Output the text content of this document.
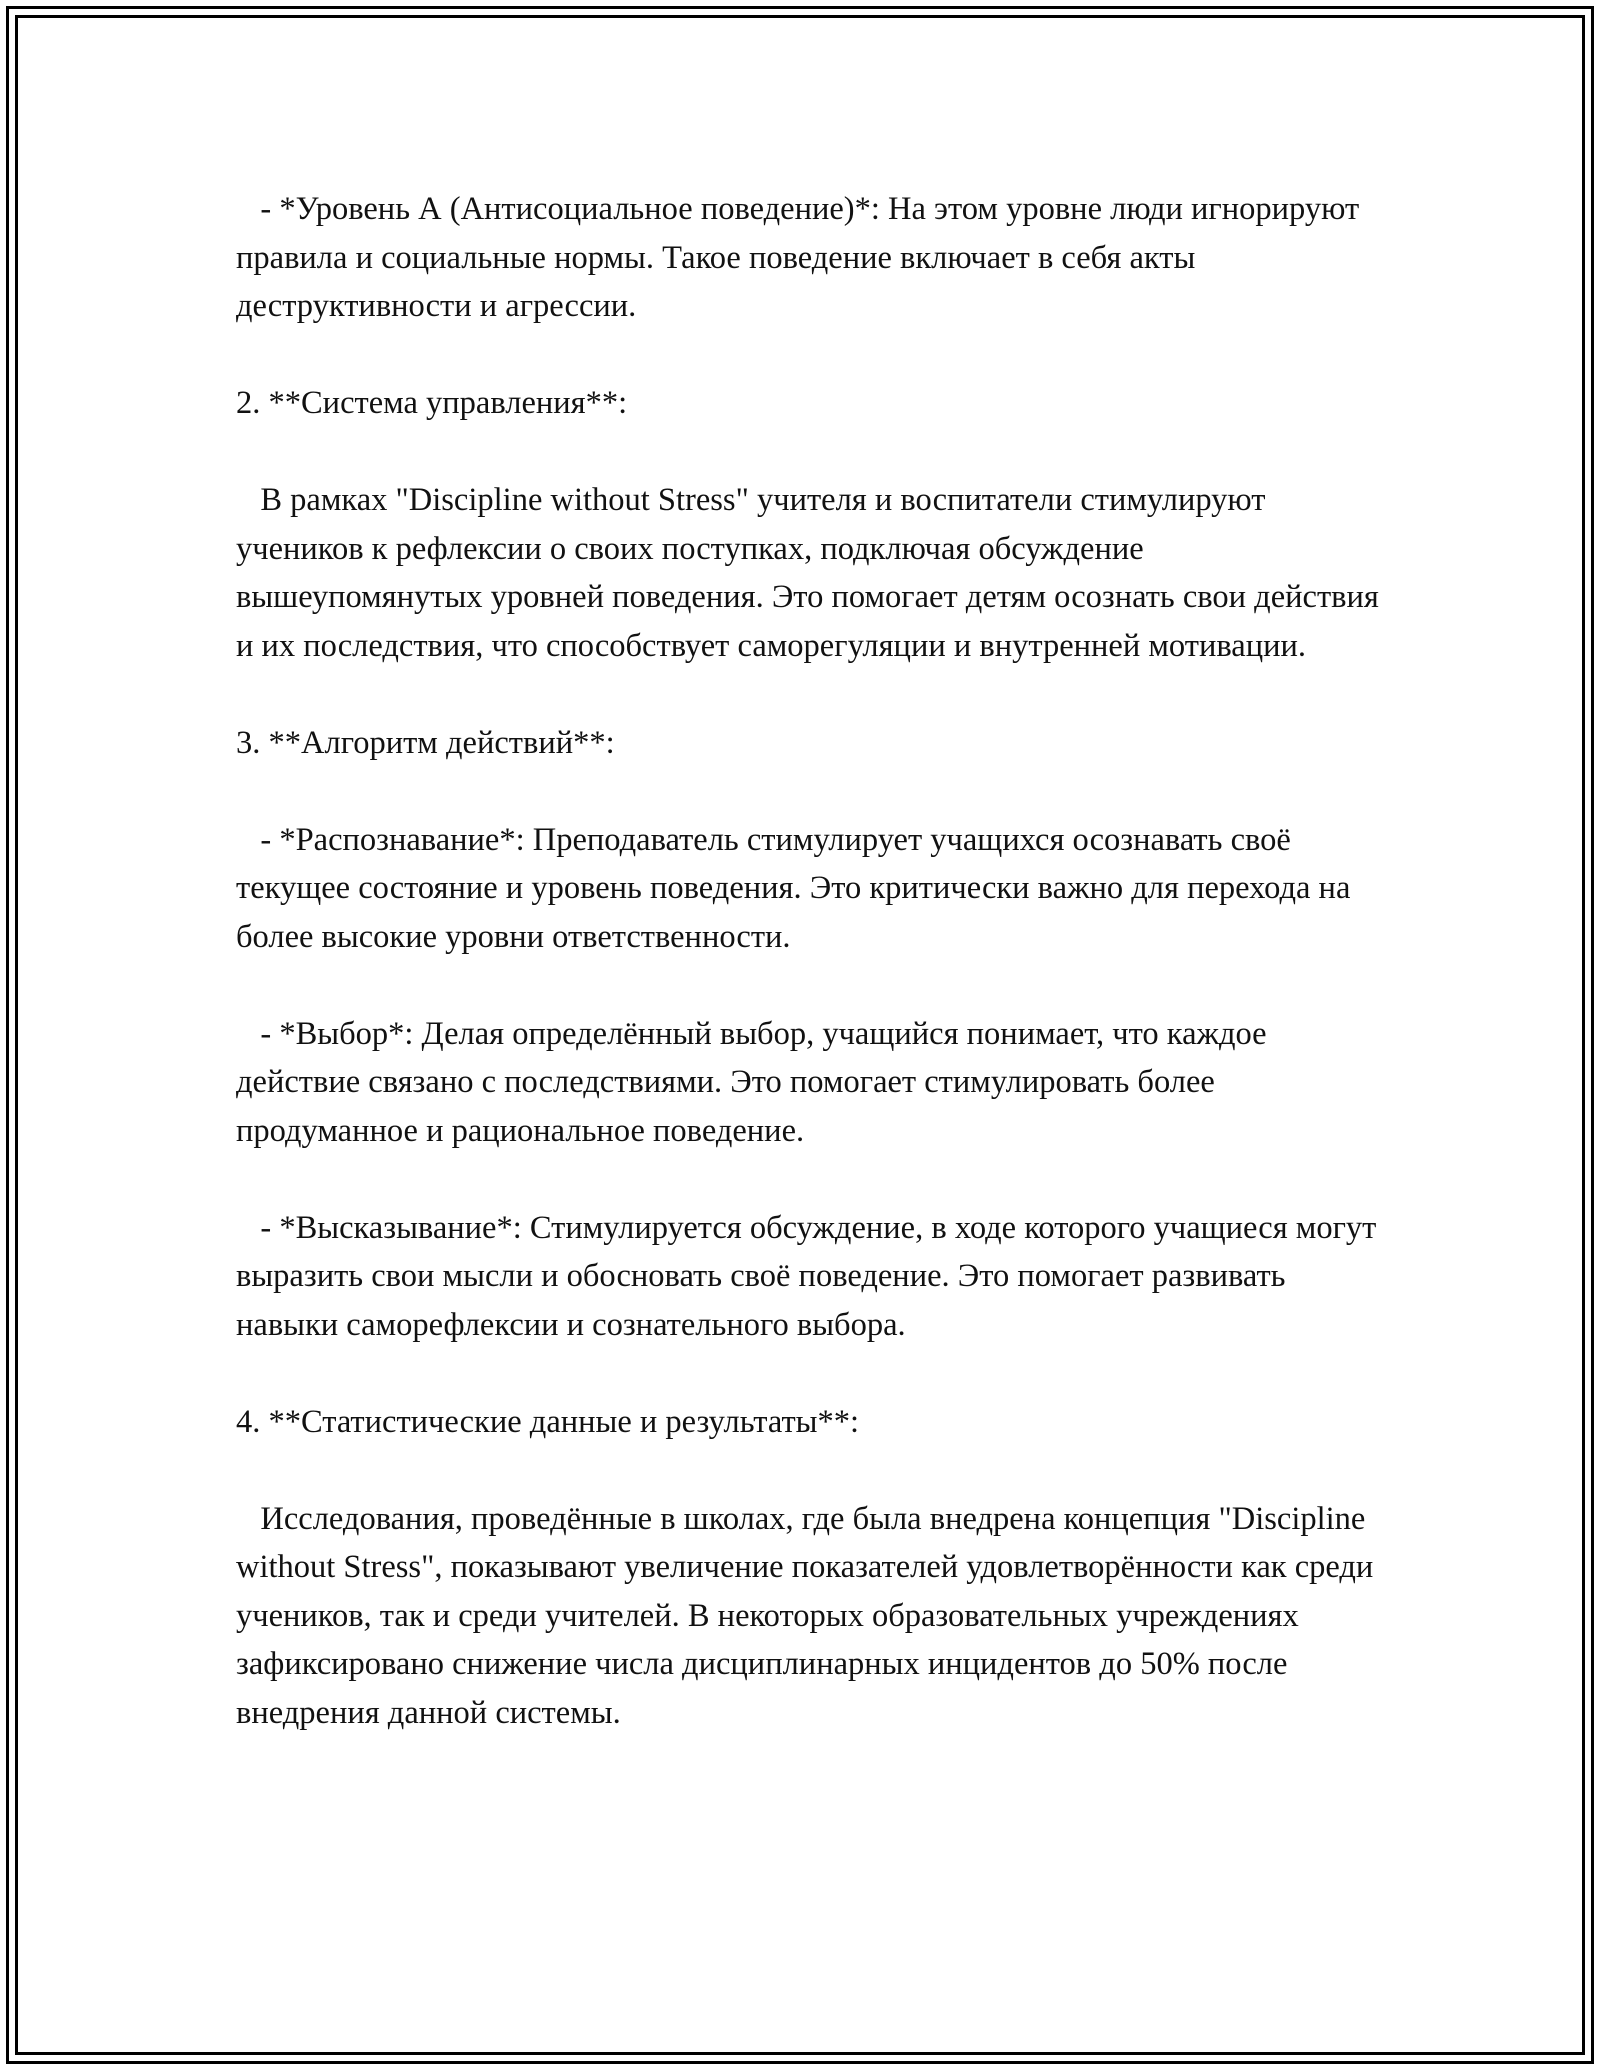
- *Уровень А (Антисоциальное поведение)*: На этом уровне люди игнорируют правила и социальные нормы. Такое поведение включает в себя акты деструктивности и агрессии.

2. **Система управления**:

В рамках "Discipline without Stress" учителя и воспитатели стимулируют учеников к рефлексии о своих поступках, подключая обсуждение вышеупомянутых уровней поведения. Это помогает детям осознать свои действия и их последствия, что способствует саморегуляции и внутренней мотивации.

3. **Алгоритм действий**:

- *Распознавание*: Преподаватель стимулирует учащихся осознавать своё текущее состояние и уровень поведения. Это критически важно для перехода на более высокие уровни ответственности.

- *Выбор*: Делая определённый выбор, учащийся понимает, что каждое действие связано с последствиями. Это помогает стимулировать более продуманное и рациональное поведение.

- *Высказывание*: Стимулируется обсуждение, в ходе которого учащиеся могут выразить свои мысли и обосновать своё поведение. Это помогает развивать навыки саморефлексии и сознательного выбора.

4. **Статистические данные и результаты**:

Исследования, проведённые в школах, где была внедрена концепция "Discipline without Stress", показывают увеличение показателей удовлетворённости как среди учеников, так и среди учителей. В некоторых образовательных учреждениях зафиксировано снижение числа дисциплинарных инцидентов до 50% после внедрения данной системы.
